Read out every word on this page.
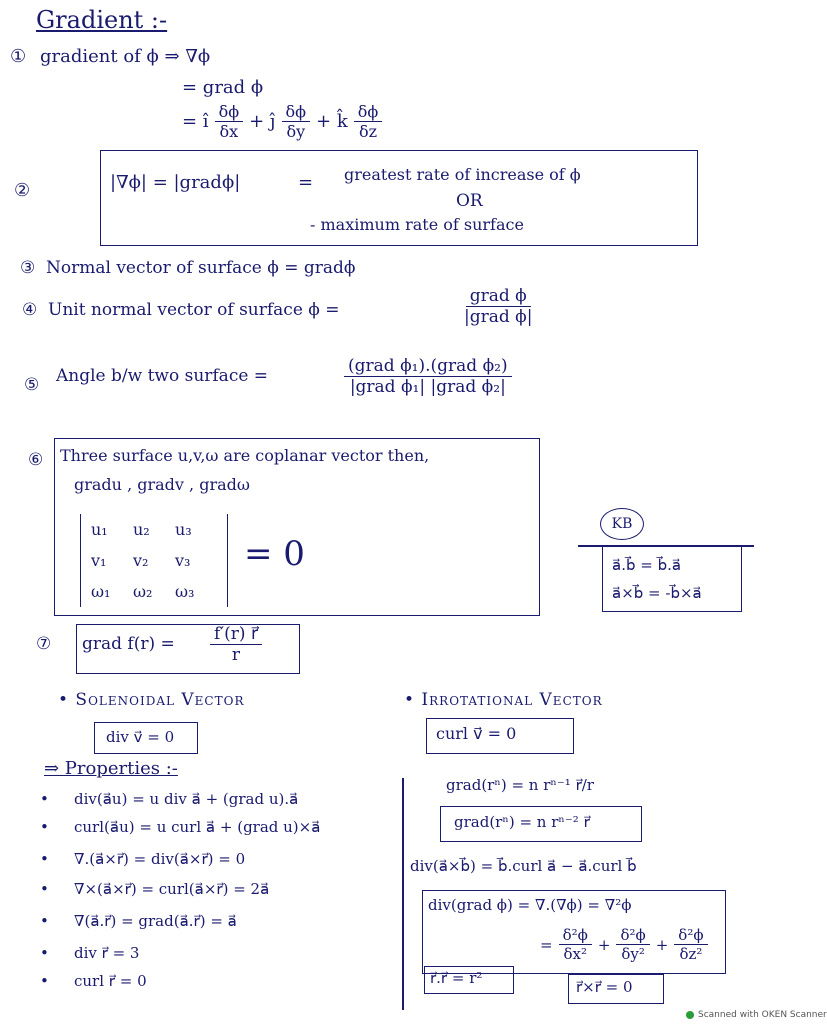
Gradient :-
① gradient of ϕ ⇒ ∇ϕ
= grad ϕ
= î $\frac{\delta\phi}{\delta x}$ + ĵ $\frac{\delta\phi}{\delta y}$ + k̂ $\frac{\delta\phi}{\delta z}$
②	|∇ϕ| = |gradϕ|	= greatest rate of increase of ϕ
OR
- maximum rate of surface
③ Normal vector of surface ϕ = gradϕ
④ Unit normal vector of surface ϕ =	$\frac{\text{grad ϕ}}{\text{|grad ϕ|}}$
⑤ Angle b/w two surface =	$\frac{\text{(grad ϕ₁).(grad ϕ₂)}}{\text{|grad ϕ₁| |grad ϕ₂|}}$
⑥ Three surface u,v,ω are coplanar vector then,
gradu , gradv , gradω
u₁	u₂	u₃
v₁	v₂	v₃
ω₁	ω₂	ω₃
= 0
KB
a⃗.b⃗ = b⃗.a⃗
a⃗×b⃗ = -b⃗×a⃗
⑦ grad $f(r) = \frac{f'(r) r⃗}{r}$
• Solenoidal Vector
div v⃗ = 0
• Irrotational Vector
curl v⃗ = 0
⇒ Properties :-
• div(a⃗u) = u div a⃗ + (grad u).a⃗
• curl(a⃗u) = u curl a⃗ + (grad u)×a⃗
• ∇.(a⃗×r⃗) = div(a⃗×r⃗) = 0
• ∇×(a⃗×r⃗) = curl(a⃗×r⃗) = 2a⃗
• ∇(a⃗.r⃗) = grad(a⃗.r⃗) = a⃗
• div r⃗ = 3
• curl r⃗ = 0
grad(rⁿ) = n rⁿ⁻¹ r⃗/r
grad(rⁿ) = n rⁿ⁻² r⃗
div(a⃗×b⃗) = b⃗.curl a⃗ − a⃗.curl b⃗
div(grad ϕ) = ∇.(∇ϕ) = ∇²ϕ
= $\frac{\text{δ²ϕ}}{\text{δx²}} + \frac{\text{δ²ϕ}}{\text{δy²}} + \frac{\text{δ²ϕ}}{\text{δz²}}$
r⃗.r⃗ = r²	r⃗×r⃗ = 0
Scanned with OKEN Scanner
